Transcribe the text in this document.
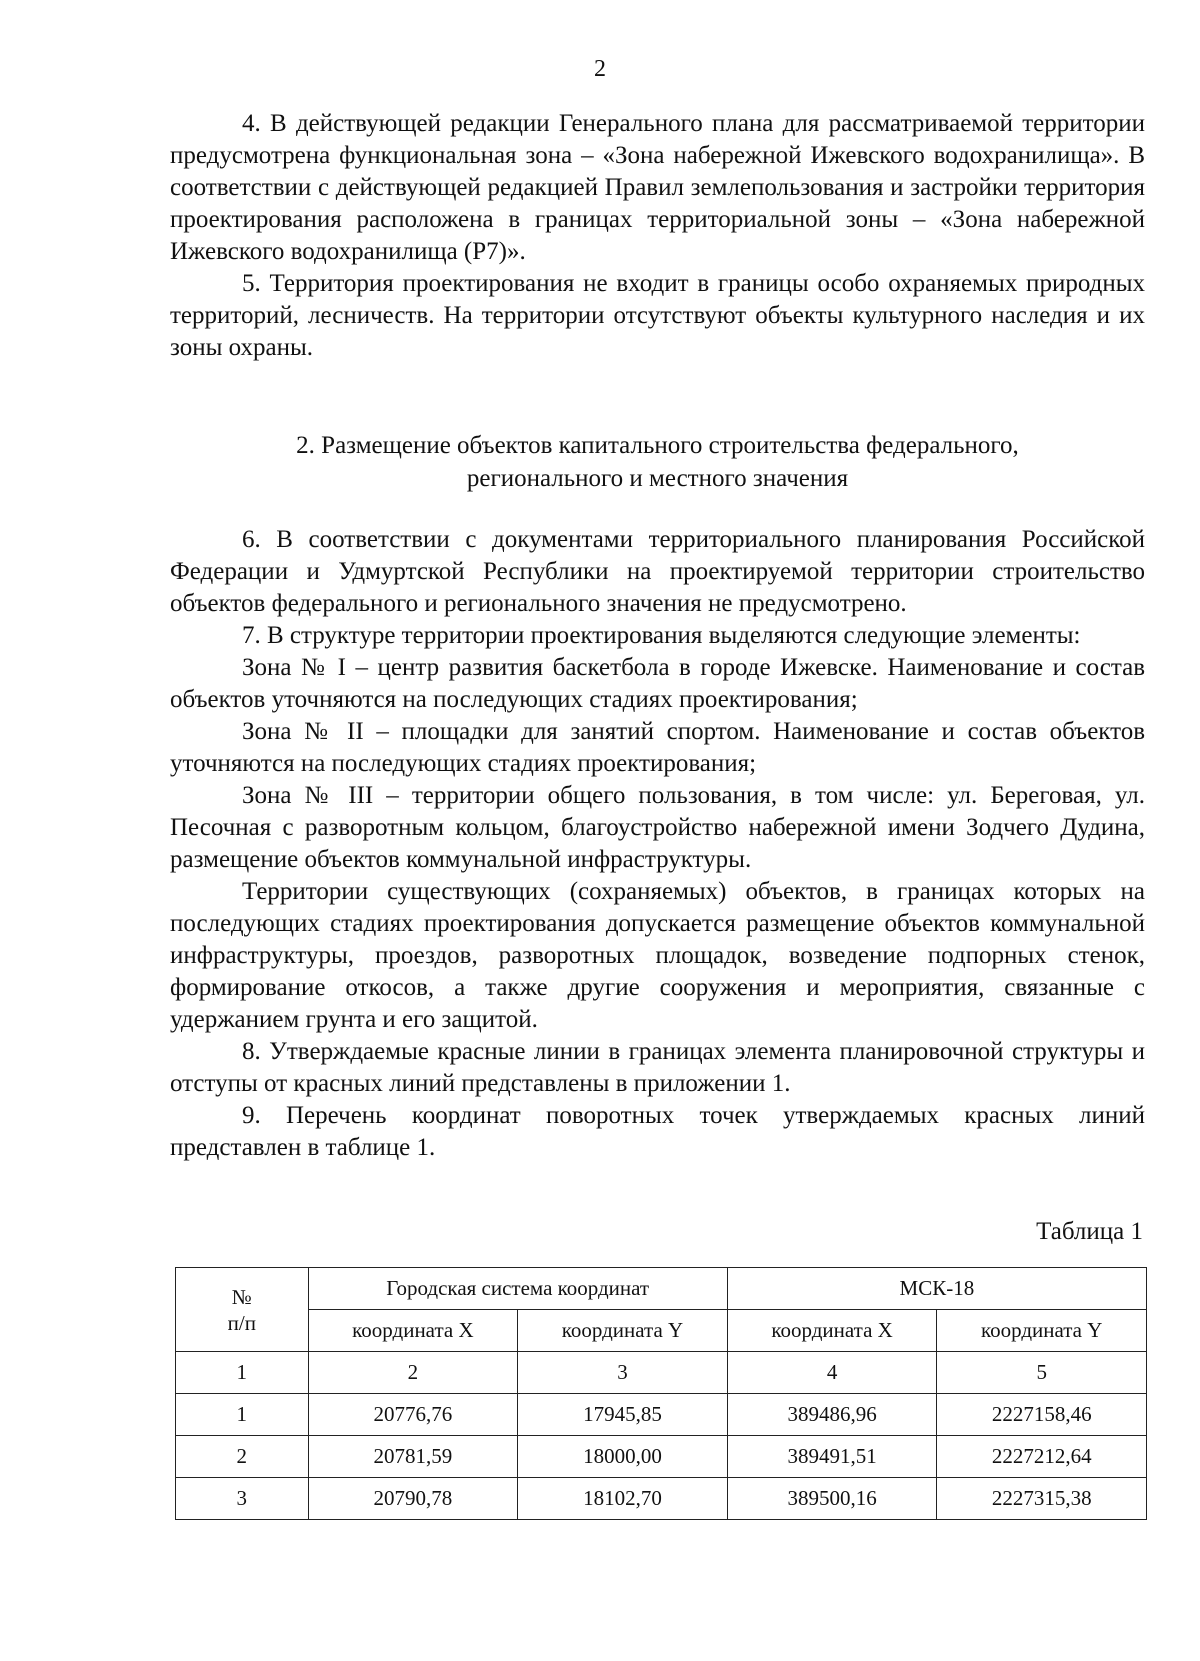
2

4. В действующей редакции Генерального плана для рассматриваемой территории предусмотрена функциональная зона – «Зона набережной Ижевского водохранилища». В соответствии с действующей редакцией Правил землепользования и застройки территория проектирования расположена в границах территориальной зоны – «Зона набережной Ижевского водохранилища (Р7)».

5. Территория проектирования не входит в границы особо охраняемых природных территорий, лесничеств. На территории отсутствуют объекты культурного наследия и их зоны охраны.

2. Размещение объектов капитального строительства федерального,

регионального и местного значения

6. В соответствии с документами территориального планирования Российской Федерации и Удмуртской Республики на проектируемой территории строительство объектов федерального и регионального значения не предусмотрено.

7. В структуре территории проектирования выделяются следующие элементы:

Зона № I – центр развития баскетбола в городе Ижевске. Наименование и состав объектов уточняются на последующих стадиях проектирования;

Зона № II – площадки для занятий спортом. Наименование и состав объектов уточняются на последующих стадиях проектирования;

Зона № III – территории общего пользования, в том числе: ул. Береговая, ул. Песочная с разворотным кольцом, благоустройство набережной имени Зодчего Дудина, размещение объектов коммунальной инфраструктуры.

Территории существующих (сохраняемых) объектов, в границах которых на последующих стадиях проектирования допускается размещение объектов коммунальной инфраструктуры, проездов, разворотных площадок, возведение подпорных стенок, формирование откосов, а также другие сооружения и мероприятия, связанные с удержанием грунта и его защитой.

8. Утверждаемые красные линии в границах элемента планировочной структуры и отступы от красных линий представлены в приложении 1.

9. Перечень координат поворотных точек утверждаемых красных линий представлен в таблице 1.

Таблица 1
№
п/п	Городская система координат		МСК-18	
	координата X	координата Y	координата X	координата Y
1	2	3	4	5
1	20776,76	17945,85	389486,96	2227158,46
2	20781,59	18000,00	389491,51	2227212,64
3	20790,78	18102,70	389500,16	2227315,38
